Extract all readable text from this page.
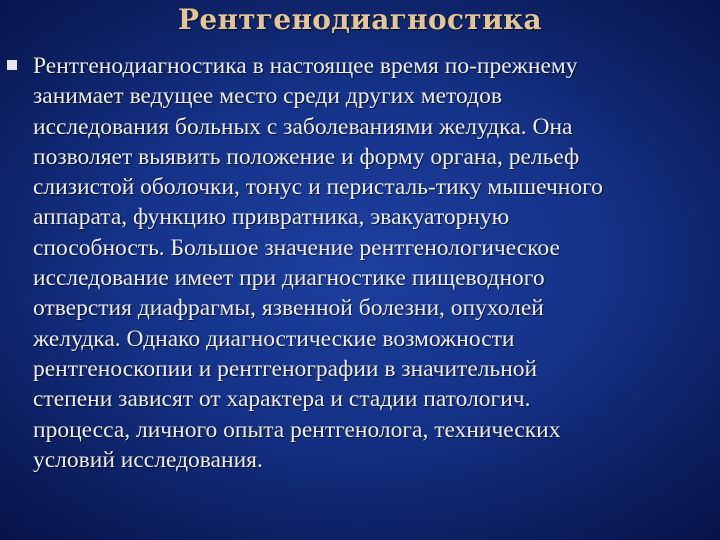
Рентгенодиагностика

Рентгенодиагностика в настоящее время по-прежнему
занимает ведущее место среди других методов
исследования больных с заболеваниями желудка. Она
позволяет выявить положение и форму органа, рельеф
слизистой оболочки, тонус и перисталь-тику мышечного
аппарата, функцию привратника, эвакуаторную
способность. Большое значение рентгенологическое
исследование имеет при диагностике пищеводного
отверстия диафрагмы, язвенной болезни, опухолей
желудка. Однако диагностические возможности
рентгеноскопии и рентгенографии в значительной
степени зависят от характера и стадии патологич.
процесса, личного опыта рентгенолога, технических
условий исследования.
